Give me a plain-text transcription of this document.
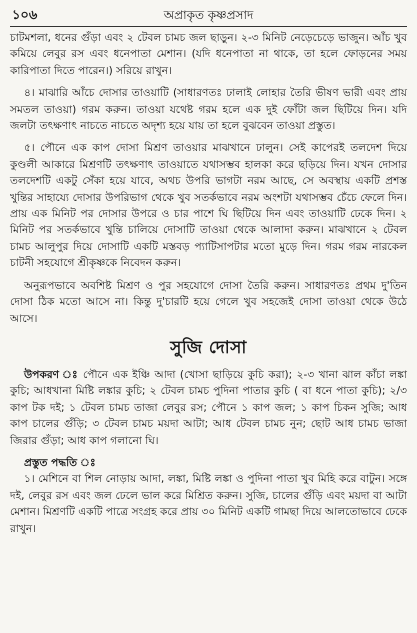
১০৬	অপ্রাকৃত কৃষ্ণপ্রসাদ

চাটমশলা, ধনের গুঁড়া এবং ২ টেবল চামচ জল ছাড়ুন। ২-৩ মিনিট নেড়েচেড়ে ভাজুন। আঁচ খুব কমিয়ে লেবুর রস এবং ধনেপাতা মেশান। (যদি ধনেপাতা না থাকে, তা হলে ফোড়নের সময় কারিপাতা দিতে পারেন।) সরিয়ে রাখুন।

৪। মাঝারি আঁচে দোসার তাওয়াটি (সাধারণতঃ ঢালাই লোহার তৈরি ভীষণ ভারী এবং প্রায় সমতল তাওয়া) গরম করুন। তাওয়া যথেষ্ট গরম হলে এক দুই ফোঁটা জল ছিটিয়ে দিন। যদি জলটা তৎক্ষণাৎ নাচতে নাচতে অদৃশ্য হয়ে যায় তা হলে বুঝবেন তাওয়া প্রস্তুত।

৫। পৌনে এক কাপ দোসা মিশ্রণ তাওয়ার মাঝখানে ঢালুন। সেই কাপেরই তলদেশ দিয়ে কুণ্ডলী আকারে মিশ্রণটি তৎক্ষণাৎ তাওয়াতে যথাসম্ভব হালকা করে ছড়িয়ে দিন। যখন দোসার তলদেশটি একটু সেঁকা হয়ে যাবে, অথচ উপরি ভাগটা নরম আছে, সে অবস্থায় একটি প্রশস্ত খুন্তির সাহায্যে দোসার উপরিভাগ থেকে খুব সতর্কভাবে নরম অংশটা যথাসম্ভব চেঁচে ফেলে দিন। প্রায় এক মিনিট পর দোসার উপরে ও চার পাশে ঘি ছিটিয়ে দিন এবং তাওয়াটি ঢেকে দিন। ২ মিনিট পর সতর্কভাবে খুন্তি চালিয়ে দোসাটি তাওয়া থেকে আলাদা করুন। মাঝখানে ২ টেবল চামচ আলুপুর দিয়ে দোসাটি একটি মস্তবড় প্যাটিসাপটার মতো মুড়ে দিন। গরম গরম নারকেল চাটনী সহযোগে শ্রীকৃষ্ণকে নিবেদন করুন।

অনুরূপভাবে অবশিষ্ট মিশ্রণ ও পুর সহযোগে দোসা তৈরি করুন। সাধারণতঃ প্রথম দু'তিন দোসা ঠিক মতো আসে না। কিন্তু দু'চারটি হয়ে গেলে খুব সহজেই দোসা তাওয়া থেকে উঠে আসে।

সুজি দোসা

উপকরণ ঃ পৌনে এক ইঞ্চি আদা (খোসা ছাড়িয়ে কুচি করা); ২-৩ খানা ঝাল কাঁচা লঙ্কা কুচি; আধখানা মিষ্টি লঙ্কার কুচি; ২ টেবল চামচ পুদিনা পাতার কুচি ( বা ধনে পাতা কুচি); ২/৩ কাপ টক দই; ১ টেবল চামচ তাজা লেবুর রস; পৌনে ১ কাপ জল; ১ কাপ চিকন সুজি; আধ কাপ চালের গুঁড়ি; ৩ টেবল চামচ ময়দা আটা; আধ টেবল চামচ নুন; ছোট আধ চামচ ভাজা জিরার গুঁড়া; আধ কাপ গলানো ঘি।

প্রস্তুত পদ্ধতি ঃ

১। মেশিনে বা শিল নোড়ায় আদা, লঙ্কা, মিষ্টি লঙ্কা ও পুদিনা পাতা খুব মিহি করে বাটুন। সঙ্গে দই, লেবুর রস এবং জল ঢেলে ভাল করে মিশ্রিত করুন। সুজি, চালের গুঁড়ি এবং ময়দা বা আটা মেশান। মিশ্রণটি একটি পাত্রে সংগ্রহ করে প্রায় ৩০ মিনিট একটি গামছা দিয়ে আলতোভাবে ঢেকে রাখুন।
